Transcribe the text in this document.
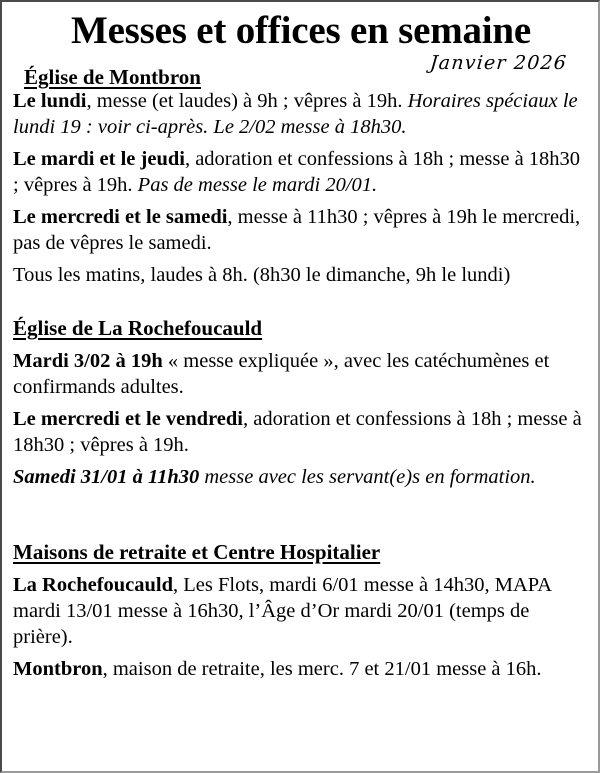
Messes et offices en semaine
Janvier 2026
Église de Montbron

Le lundi, messe (et laudes) à 9h ; vêpres à 19h. Horaires spéciaux le lundi 19 : voir ci-après. Le 2/02 messe à 18h30.

Le mardi et le jeudi, adoration et confessions à 18h ; messe à 18h30 ; vêpres à 19h. Pas de messe le mardi 20/01.

Le mercredi et le samedi, messe à 11h30 ; vêpres à 19h le mercredi, pas de vêpres le samedi.

Tous les matins, laudes à 8h. (8h30 le dimanche, 9h le lundi)

Église de La Rochefoucauld

Mardi 3/02 à 19h « messe expliquée », avec les catéchumènes et confirmands adultes.

Le mercredi et le vendredi, adoration et confessions à 18h ; messe à 18h30 ; vêpres à 19h.

Samedi 31/01 à 11h30 messe avec les servant(e)s en formation.

Maisons de retraite et Centre Hospitalier

La Rochefoucauld, Les Flots, mardi 6/01 messe à 14h30, MAPA mardi 13/01 messe à 16h30, l’Âge d’Or mardi 20/01 (temps de prière).

Montbron, maison de retraite, les merc. 7 et 21/01 messe à 16h.
